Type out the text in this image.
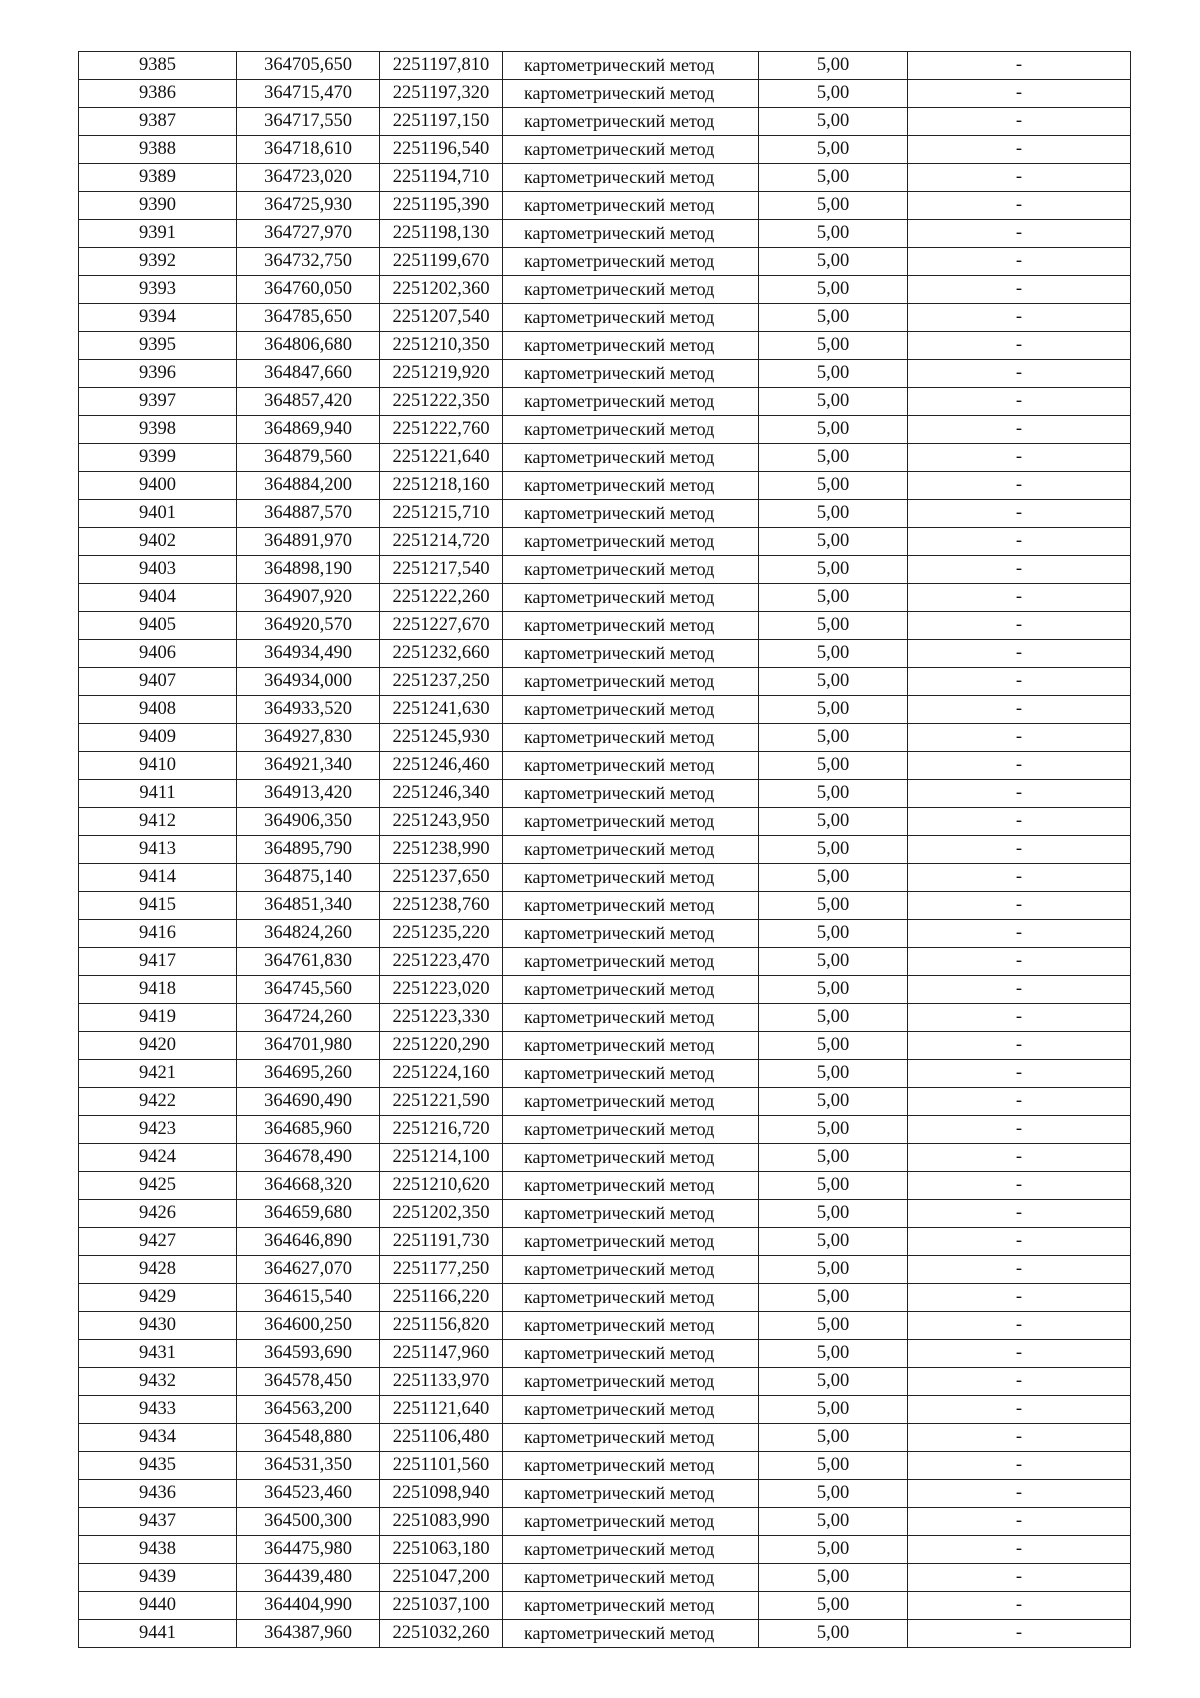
9385	364705,650	2251197,810	картометрический метод	5,00	-
9386	364715,470	2251197,320	картометрический метод	5,00	-
9387	364717,550	2251197,150	картометрический метод	5,00	-
9388	364718,610	2251196,540	картометрический метод	5,00	-
9389	364723,020	2251194,710	картометрический метод	5,00	-
9390	364725,930	2251195,390	картометрический метод	5,00	-
9391	364727,970	2251198,130	картометрический метод	5,00	-
9392	364732,750	2251199,670	картометрический метод	5,00	-
9393	364760,050	2251202,360	картометрический метод	5,00	-
9394	364785,650	2251207,540	картометрический метод	5,00	-
9395	364806,680	2251210,350	картометрический метод	5,00	-
9396	364847,660	2251219,920	картометрический метод	5,00	-
9397	364857,420	2251222,350	картометрический метод	5,00	-
9398	364869,940	2251222,760	картометрический метод	5,00	-
9399	364879,560	2251221,640	картометрический метод	5,00	-
9400	364884,200	2251218,160	картометрический метод	5,00	-
9401	364887,570	2251215,710	картометрический метод	5,00	-
9402	364891,970	2251214,720	картометрический метод	5,00	-
9403	364898,190	2251217,540	картометрический метод	5,00	-
9404	364907,920	2251222,260	картометрический метод	5,00	-
9405	364920,570	2251227,670	картометрический метод	5,00	-
9406	364934,490	2251232,660	картометрический метод	5,00	-
9407	364934,000	2251237,250	картометрический метод	5,00	-
9408	364933,520	2251241,630	картометрический метод	5,00	-
9409	364927,830	2251245,930	картометрический метод	5,00	-
9410	364921,340	2251246,460	картометрический метод	5,00	-
9411	364913,420	2251246,340	картометрический метод	5,00	-
9412	364906,350	2251243,950	картометрический метод	5,00	-
9413	364895,790	2251238,990	картометрический метод	5,00	-
9414	364875,140	2251237,650	картометрический метод	5,00	-
9415	364851,340	2251238,760	картометрический метод	5,00	-
9416	364824,260	2251235,220	картометрический метод	5,00	-
9417	364761,830	2251223,470	картометрический метод	5,00	-
9418	364745,560	2251223,020	картометрический метод	5,00	-
9419	364724,260	2251223,330	картометрический метод	5,00	-
9420	364701,980	2251220,290	картометрический метод	5,00	-
9421	364695,260	2251224,160	картометрический метод	5,00	-
9422	364690,490	2251221,590	картометрический метод	5,00	-
9423	364685,960	2251216,720	картометрический метод	5,00	-
9424	364678,490	2251214,100	картометрический метод	5,00	-
9425	364668,320	2251210,620	картометрический метод	5,00	-
9426	364659,680	2251202,350	картометрический метод	5,00	-
9427	364646,890	2251191,730	картометрический метод	5,00	-
9428	364627,070	2251177,250	картометрический метод	5,00	-
9429	364615,540	2251166,220	картометрический метод	5,00	-
9430	364600,250	2251156,820	картометрический метод	5,00	-
9431	364593,690	2251147,960	картометрический метод	5,00	-
9432	364578,450	2251133,970	картометрический метод	5,00	-
9433	364563,200	2251121,640	картометрический метод	5,00	-
9434	364548,880	2251106,480	картометрический метод	5,00	-
9435	364531,350	2251101,560	картометрический метод	5,00	-
9436	364523,460	2251098,940	картометрический метод	5,00	-
9437	364500,300	2251083,990	картометрический метод	5,00	-
9438	364475,980	2251063,180	картометрический метод	5,00	-
9439	364439,480	2251047,200	картометрический метод	5,00	-
9440	364404,990	2251037,100	картометрический метод	5,00	-
9441	364387,960	2251032,260	картометрический метод	5,00	-
